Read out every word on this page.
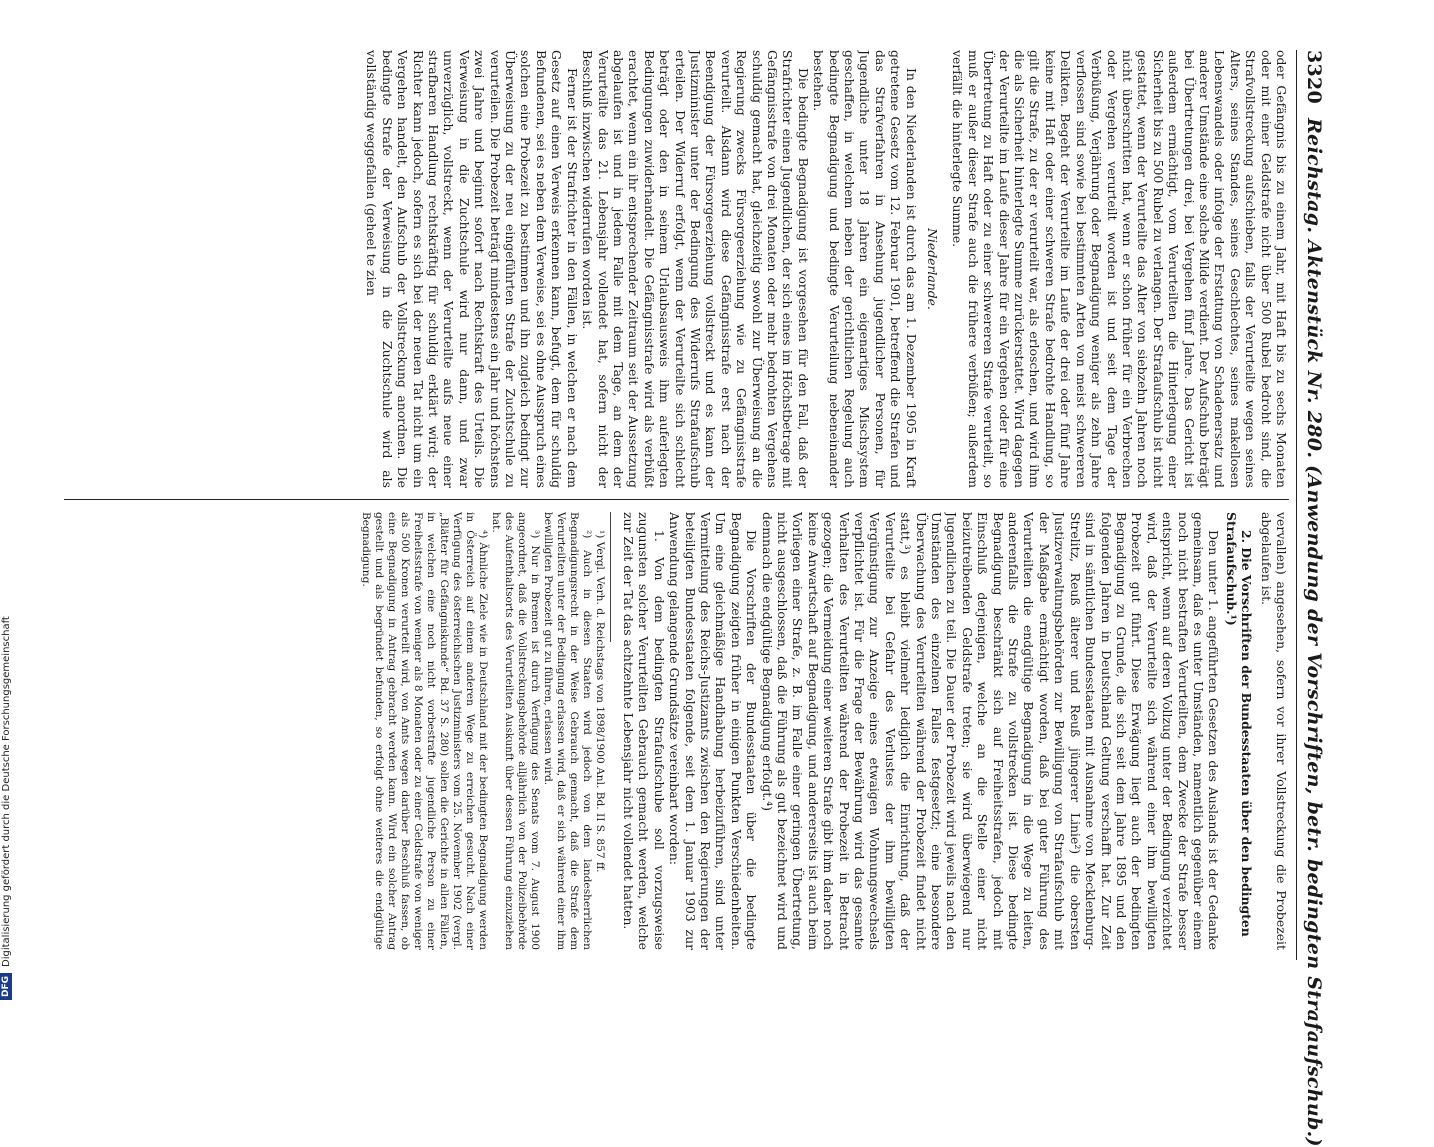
3320
Reichstag. Aktenstück Nr. 280. (Anwendung der Vorschriften, betr. bedingten Strafaufschub.)

oder Gefängnis bis zu einem Jahr, mit Haft bis zu sechs Monaten oder mit einer Geldstrafe nicht über 500 Rubel bedroht sind, die Strafvollstreckung aufschieben, falls der Verurteilte wegen seines Alters, seines Standes, seines Geschlechtes, seines makellosen Lebenswandels oder infolge der Erstattung von Schadenersatz und anderer Umstände eine solche Milde verdient. Der Aufschub beträgt bei Übertretungen drei, bei Vergehen fünf Jahre. Das Gericht ist außerdem ermächtigt, vom Verurteilten die Hinterlegung einer Sicherheit bis zu 500 Rubel zu verlangen. Der Strafaufschub ist nicht gestattet, wenn der Verurteilte das Alter von siebzehn Jahren noch nicht überschritten hat, wenn er schon früher für ein Verbrechen oder Vergehen verurteilt worden ist und seit dem Tage der Verbüßung, Verjährung oder Begnadigung weniger als zehn Jahre verflossen sind sowie bei bestimmten Arten von meist schwereren Delikten. Begeht der Verurteilte im Laufe der drei oder fünf Jahre keine mit Haft oder einer schweren Strafe bedrohte Handlung, so gilt die Strafe, zu der er verurteilt war, als erloschen, und wird ihm die als Sicherheit hinterlegte Summe zurückerstattet. Wird dagegen der Verurteilte im Laufe dieser Jahre für ein Vergehen oder für eine Übertretung zu Haft oder zu einer schwereren Strafe verurteilt, so muß er außer dieser Strafe auch die frühere verbüßen; außerdem verfällt die hinterlegte Summe.

Niederlande.

In den Niederlanden ist durch das am 1. Dezember 1905 in Kraft getretene Gesetz vom 12. Februar 1901, betreffend die Strafen und das Strafverfahren in Ansehung jugendlicher Personen, für Jugendliche unter 18 Jahren ein eigenartiges Mischsystem geschaffen, in welchem neben der gerichtlichen Regelung auch bedingte Begnadigung und bedingte Verurteilung nebeneinander bestehen.

Die bedingte Begnadigung ist vorgesehen für den Fall, daß der Strafrichter einen Jugendlichen, der sich eines im Höchstbetrage mit Gefängnisstrafe von drei Monaten oder mehr bedrohten Vergehens schuldig gemacht hat, gleichzeitig sowohl zur Überweisung an die Regierung zwecks Fürsorgeerziehung wie zu Gefängnisstrafe verurteilt. Alsdann wird diese Gefängnisstrafe erst nach der Beendigung der Fürsorgeerziehung vollstreckt und es kann der Justizminister unter der Bedingung des Widerrufs Strafaufschub erteilen. Der Widerruf erfolgt, wenn der Verurteilte sich schlecht beträgt oder den in seinem Urlaubsausweis ihm auferlegten Bedingungen zuwiderhandelt. Die Gefängnisstrafe wird als verbüßt erachtet, wenn ein ihr entsprechender Zeitraum seit der Aussetzung abgelaufen ist und in jedem Falle mit dem Tage, an dem der Verurteilte das 21. Lebensjahr vollendet hat, sofern nicht der Beschluß inzwischen widerrufen worden ist.

Ferner ist der Strafrichter in den Fällen, in welchen er nach dem Gesetz auf einen Verweis erkennen kann, befugt, dem für schuldig Befundenen, sei es neben dem Verweise, sei es ohne Ausspruch eines solchen eine Probezeit zu bestimmen und ihn zugleich bedingt zur Überweisung zu der neu eingeführten Strafe der Zuchtschule zu verurteilen. Die Probezeit beträgt mindestens ein Jahr und höchstens zwei Jahre und beginnt sofort nach Rechtskraft des Urteils. Die Verweisung in die Zuchtschule wird nur dann, und zwar unverzüglich, vollstreckt, wenn der Verurteilte aufs neue einer strafbaren Handlung rechtskräftig für schuldig erklärt wird; der Richter kann jedoch, sofern es sich bei der neuen Tat nicht um ein Vergehen handelt, den Aufschub der Vollstreckung anordnen. Die bedingte Strafe der Verweisung in die Zuchtschule wird als vollständig weggefallen (geheel te zien

vervallen) angesehen, sofern vor ihrer Vollstreckung die Probezeit abgelaufen ist.

2. Die Vorschriften der Bundesstaaten über den bedingten Strafaufschub.¹)

Den unter 1. angeführten Gesetzen des Auslands ist der Gedanke gemeinsam, daß es unter Umständen, namentlich gegenüber einem noch nicht bestraften Verurteilten, dem Zwecke der Strafe besser entspricht, wenn auf deren Vollzug unter der Bedingung verzichtet wird, daß der Verurteilte sich während einer ihm bewilligten Probezeit gut führt. Diese Erwägung liegt auch der bedingten Begnadigung zu Grunde, die sich seit dem Jahre 1895 und den folgenden Jahren in Deutschland Geltung verschafft hat. Zur Zeit sind in sämtlichen Bundesstaaten mit Ausnahme von Mecklenburg-Strelitz, Reuß älterer und Reuß jüngerer Linie²) die obersten Justizverwaltungsbehörden zur Bewilligung von Strafaufschub mit der Maßgabe ermächtigt worden, daß bei guter Führung des Verurteilten die endgültige Begnadigung in die Wege zu leiten, anderenfalls die Strafe zu vollstrecken ist. Diese bedingte Begnadigung beschränkt sich auf Freiheitsstrafen, jedoch mit Einschluß derjenigen, welche an die Stelle einer nicht beizutreibenden Geldstrafe treten; sie wird überwiegend nur Jugendlichen zu teil. Die Dauer der Probezeit wird jeweils nach den Umständen des einzelnen Falles festgesetzt; eine besondere Überwachung des Verurteilten während der Probezeit findet nicht statt,³) es bleibt vielmehr lediglich die Einrichtung, daß der Verurteilte bei Gefahr des Verlustes der ihm bewilligten Vergünstigung zur Anzeige eines etwaigen Wohnungswechsels verpflichtet ist. Für die Frage der Bewährung wird das gesamte Verhalten des Verurteilten während der Probezeit in Betracht gezogen; die Vermeidung einer weiteren Strafe gibt ihm daher noch keine Anwartschaft auf Begnadigung, und andererseits ist auch beim Vorliegen einer Strafe, z. B. im Falle einer geringen Übertretung, nicht ausgeschlossen, daß die Führung als gut bezeichnet wird und demnach die endgültige Begnadigung erfolgt.⁴)

Die Vorschriften der Bundesstaaten über die bedingte Begnadigung zeigten früher in einigen Punkten Verschiedenheiten. Um eine gleichmäßige Handhabung herbeizuführen, sind unter Vermittelung des Reichs-Justizamts zwischen den Regierungen der beteiligten Bundesstaaten folgende, seit dem 1. Januar 1903 zur Anwendung gelangende Grundsätze vereinbart worden:

1. Von dem bedingten Strafaufschube soll vorzugsweise zugunsten solcher Verurteilten Gebrauch gemacht werden, welche zur Zeit der Tat das achtzehnte Lebensjahr nicht vollendet hatten.

¹) Vergl. Verh. d. Reichstags von 1898/1900 Anl. Bd. II S. 857 ff.

²) Auch in diesen Staaten wird jedoch von dem landesherrlichen Begnadigungsrecht in der Weise Gebrauch gemacht, daß die Strafe dem Verurteilten unter der Bedingung erlassen wird, daß er sich während einer ihm bewilligten Probezeit gut zu führen, erlassen wird.

³) Nur in Bremen ist durch Verfügung des Senats vom 7. August 1900 angeordnet, daß die Vollstreckungsbehörde alljährlich von der Polizeibehörde des Aufenthaltsorts des Verurteilten Auskunft über dessen Führung einzuziehen hat.

⁴) Ähnliche Ziele wie in Deutschland mit der bedingten Begnadigung werden in Österreich auf einem anderen Wege zu erreichen gesucht. Nach einer Verfügung des österreichischen Justizministers vom 25. November 1902 (vergl. „Blätter für Gefängniskunde“ Bd. 37 S. 280) sollen die Gerichte in allen Fällen, in welchen eine noch nicht vorbestrafte jugendliche Person zu einer Freiheitsstrafe von weniger als 8 Monaten oder zu einer Geldstrafe von weniger als 500 Kronen verurteilt wird, von Amts wegen darüber Beschluß fassen, ob eine Begnadigung in Antrag gebracht werden kann. Wird ein solcher Antrag gestellt und als begründet befunden, so erfolgt ohne weiteres die endgültige Begnadigung.

DFG
Digitalisierung gefördert durch die Deutsche Forschungsgemeinschaft
